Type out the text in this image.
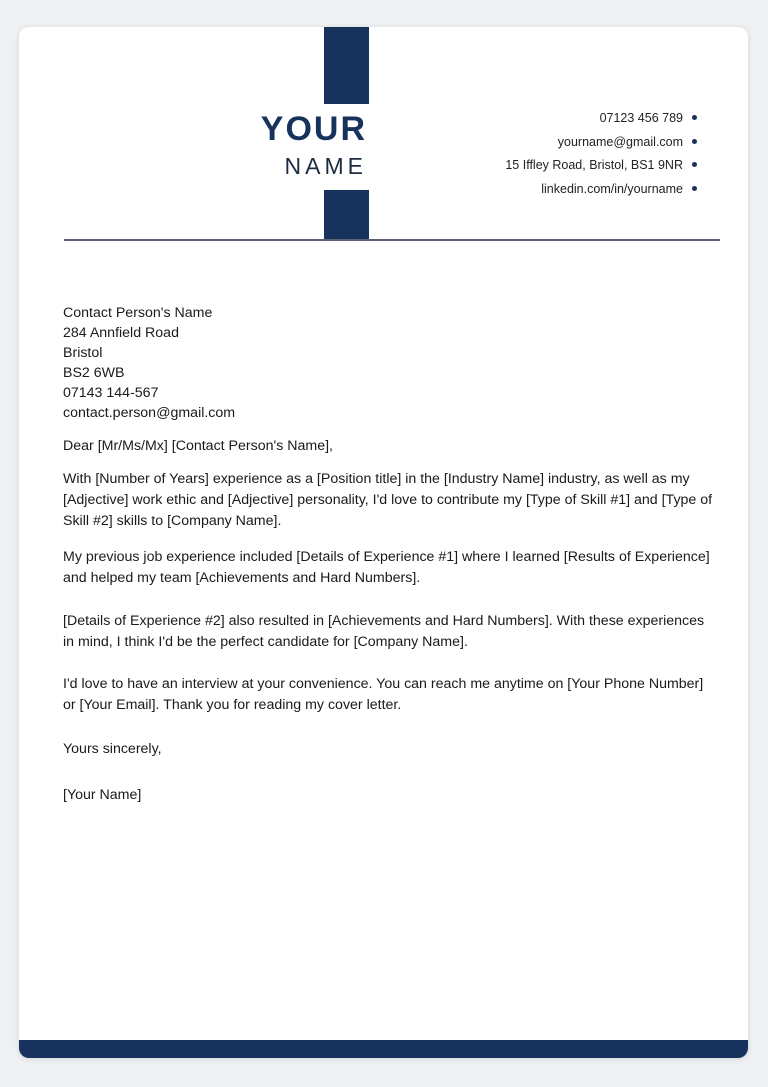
YOUR
NAME
07123 456 789
yourname@gmail.com
15 Iffley Road, Bristol, BS1 9NR
linkedin.com/in/yourname

Contact Person's Name

284 Annfield Road

Bristol

BS2 6WB

07143 144-567

contact.person@gmail.com

Dear [Mr/Ms/Mx] [Contact Person's Name],

With [Number of Years] experience as a [Position title] in the [Industry Name] industry, as well as my [Adjective] work ethic and [Adjective] personality, I'd love to contribute my [Type of Skill #1] and [Type of Skill #2] skills to [Company Name].

My previous job experience included [Details of Experience #1] where I learned [Results of Experience] and helped my team [Achievements and Hard Numbers].

[Details of Experience #2] also resulted in [Achievements and Hard Numbers]. With these experiences in mind, I think I'd be the perfect candidate for [Company Name].

I'd love to have an interview at your convenience. You can reach me anytime on [Your Phone Number] or [Your Email]. Thank you for reading my cover letter.

Yours sincerely,

[Your Name]
